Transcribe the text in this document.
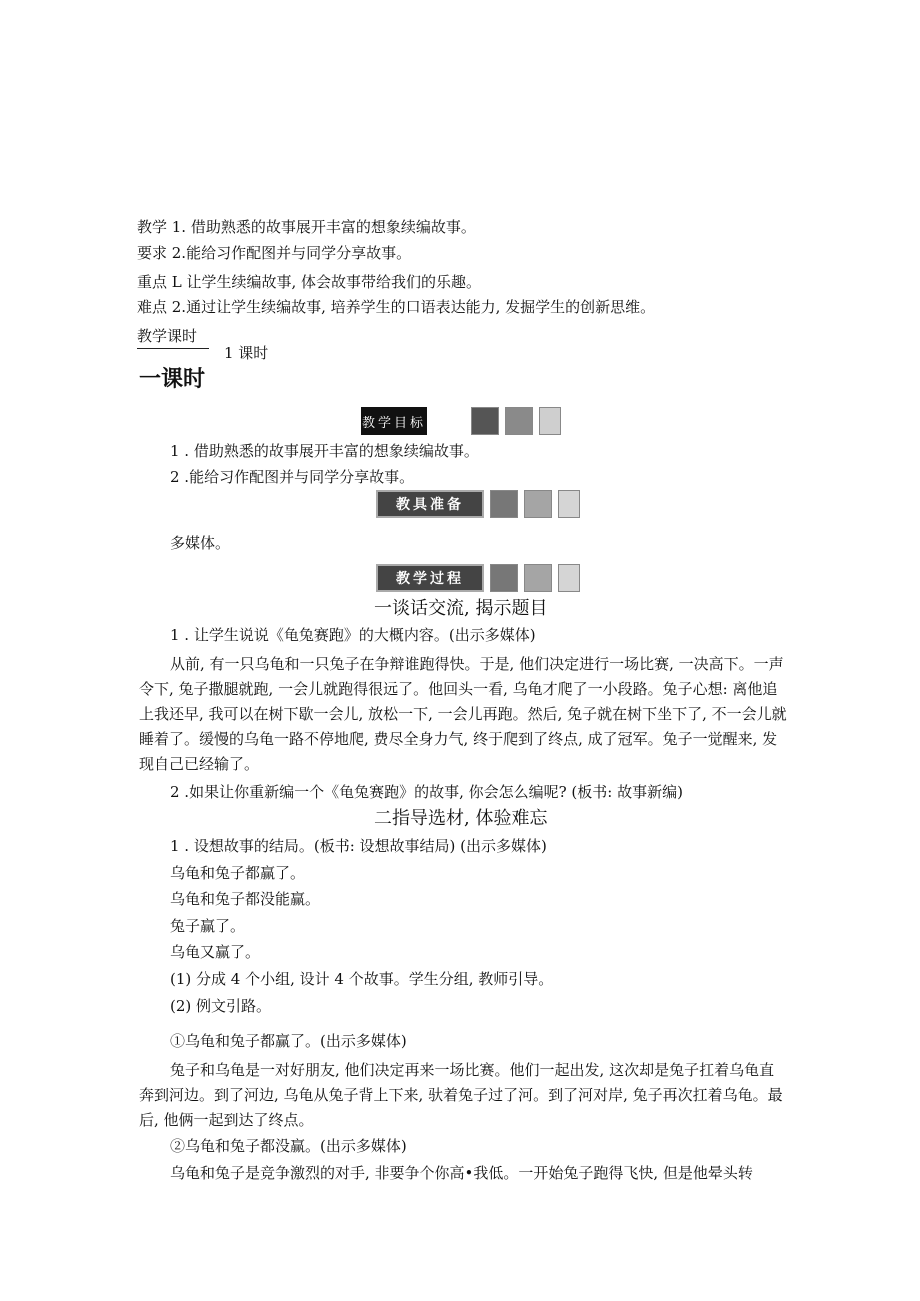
教学 1. 借助熟悉的故事展开丰富的想象续编故事。
要求 2.能给习作配图并与同学分享故事。
重点 L 让学生续编故事, 体会故事带给我们的乐趣。
难点 2.通过让学生续编故事, 培养学生的口语表达能力, 发掘学生的创新思维。
教学课时
1 课时
一课时
教学目标
1 . 借助熟悉的故事展开丰富的想象续编故事。
2 .能给习作配图并与同学分享故事。
教具准备
多媒体。
教学过程
一谈话交流, 揭示题目
1 . 让学生说说《龟兔赛跑》的大概内容。(出示多媒体)
从前, 有一只乌龟和一只兔子在争辩谁跑得快。于是, 他们决定进行一场比赛, 一决高下。一声令下, 兔子撒腿就跑, 一会儿就跑得很远了。他回头一看, 乌龟才爬了一小段路。兔子心想: 离他追上我还早, 我可以在树下歇一会儿, 放松一下, 一会儿再跑。然后, 兔子就在树下坐下了, 不一会儿就睡着了。缓慢的乌龟一路不停地爬, 费尽全身力气, 终于爬到了终点, 成了冠军。兔子一觉醒来, 发现自己已经输了。
2 .如果让你重新编一个《龟兔赛跑》的故事, 你会怎么编呢? (板书: 故事新编)
二指导选材, 体验难忘
1 . 设想故事的结局。(板书: 设想故事结局) (出示多媒体)
乌龟和兔子都赢了。
乌龟和兔子都没能赢。
兔子赢了。
乌龟又赢了。
(1) 分成 4 个小组, 设计 4 个故事。学生分组, 教师引导。
(2) 例文引路。
①乌龟和兔子都赢了。(出示多媒体)
兔子和乌龟是一对好朋友, 他们决定再来一场比赛。他们一起出发, 这次却是兔子扛着乌龟直奔到河边。到了河边, 乌龟从兔子背上下来, 驮着兔子过了河。到了河对岸, 兔子再次扛着乌龟。最后, 他俩一起到达了终点。
②乌龟和兔子都没赢。(出示多媒体)
乌龟和兔子是竞争激烈的对手, 非要争个你高•我低。一开始兔子跑得飞快, 但是他晕头转
